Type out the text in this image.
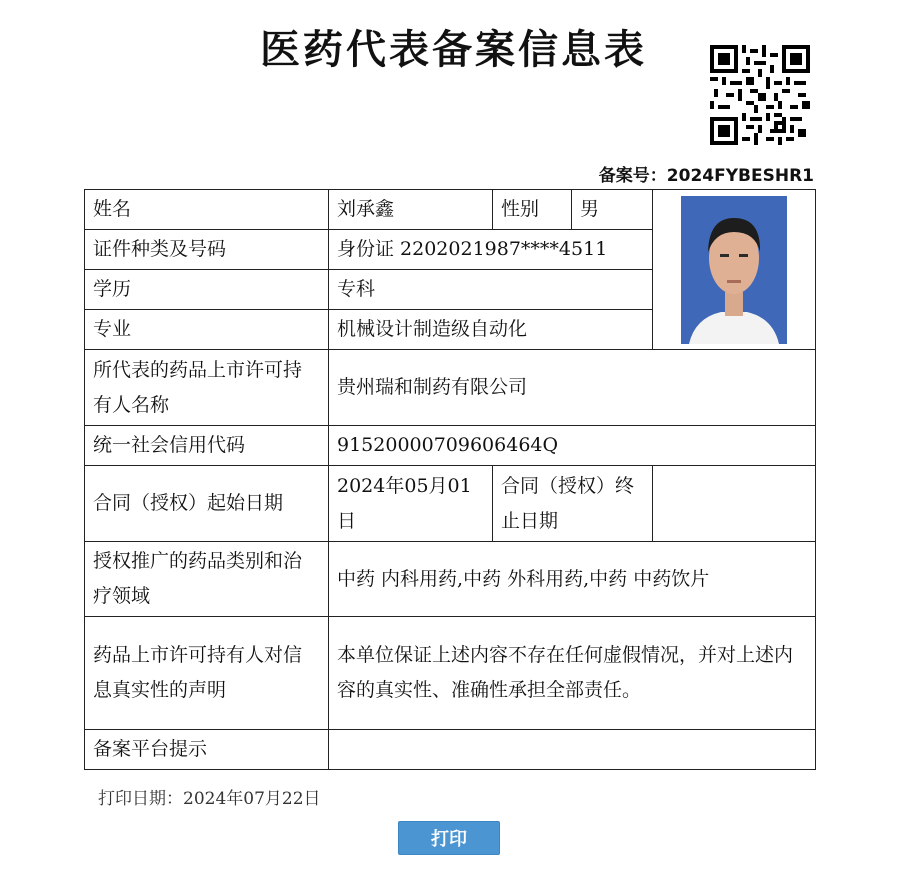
医药代表备案信息表
备案号：2024FYBESHR1
姓名	刘承鑫	性别	男	
证件种类及号码	身份证 2202021987****4511			
学历	专科			
专业	机械设计制造级自动化			
所代表的药品上市许可持有人名称	贵州瑞和制药有限公司			
统一社会信用代码	91520000709606464Q			
合同（授权）起始日期	2024年05月01日	合同（授权）终止日期		
授权推广的药品类别和治疗领域	中药 内科用药,中药 外科用药,中药 中药饮片			
药品上市许可持有人对信息真实性的声明	本单位保证上述内容不存在任何虚假情况，并对上述内容的真实性、准确性承担全部责任。			
备案平台提示				
打印日期：2024年07月22日
打印
